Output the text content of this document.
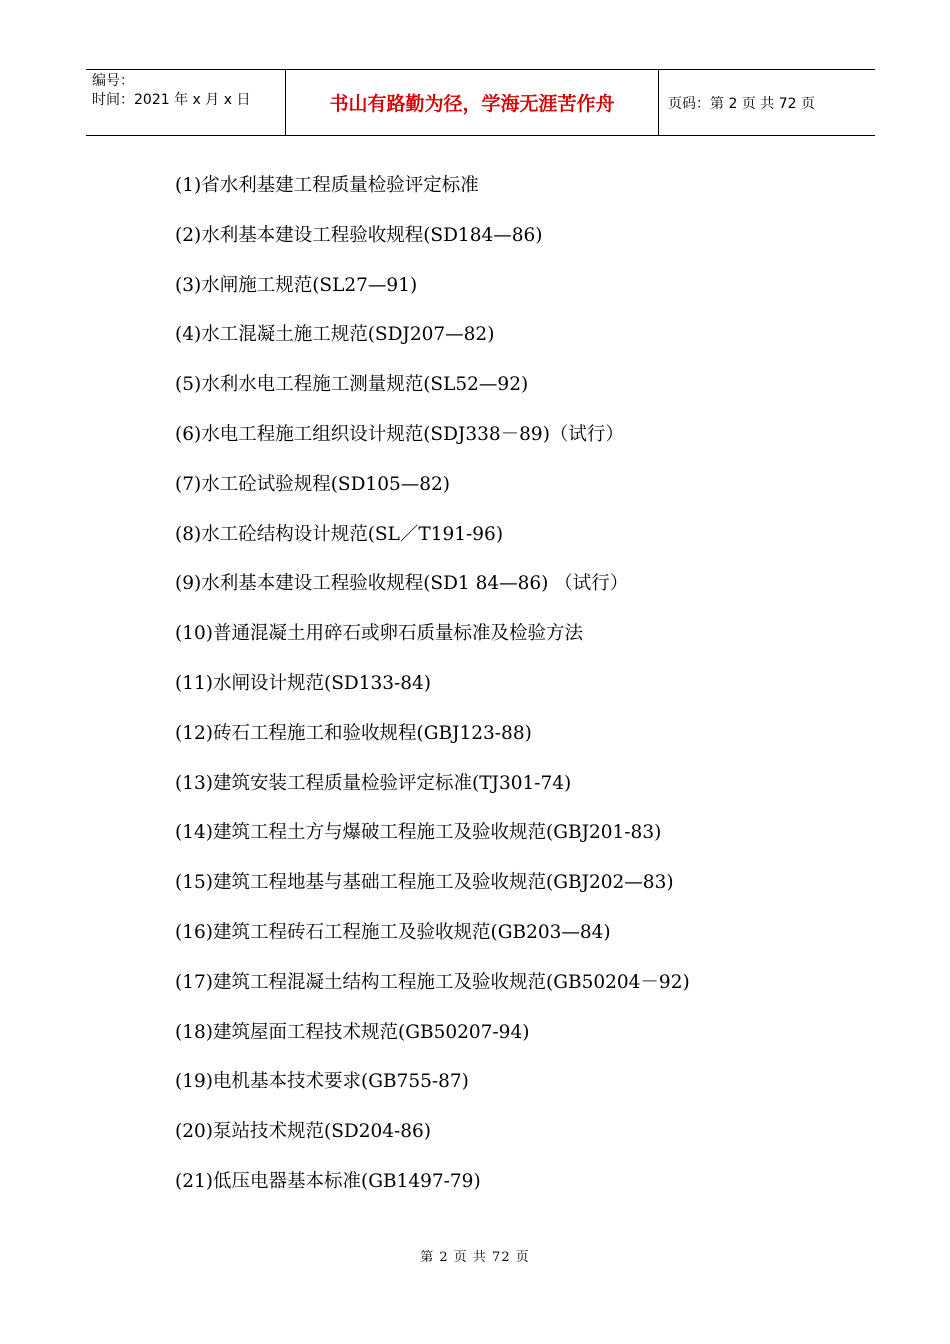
编号：
时间：2021 年 x 月 x 日	书山有路勤为径，学海无涯苦作舟	页码：第 2 页 共 72 页
(1)省水利基建工程质量检验评定标准
(2)水利基本建设工程验收规程(SD184—86)
(3)水闸施工规范(SL27—91)
(4)水工混凝土施工规范(SDJ207—82)
(5)水利水电工程施工测量规范(SL52—92)
(6)水电工程施工组织设计规范(SDJ338－89)（试行）
(7)水工砼试验规程(SD105—82)
(8)水工砼结构设计规范(SL／T191-96)
(9)水利基本建设工程验收规程(SD1 84—86) （试行）
(10)普通混凝土用碎石或卵石质量标准及检验方法
(11)水闸设计规范(SD133-84)
(12)砖石工程施工和验收规程(GBJ123-88)
(13)建筑安装工程质量检验评定标准(TJ301-74)
(14)建筑工程土方与爆破工程施工及验收规范(GBJ201-83)
(15)建筑工程地基与基础工程施工及验收规范(GBJ202—83)
(16)建筑工程砖石工程施工及验收规范(GB203—84)
(17)建筑工程混凝土结构工程施工及验收规范(GB50204－92)
(18)建筑屋面工程技术规范(GB50207-94)
(19)电机基本技术要求(GB755-87)
(20)泵站技术规范(SD204-86)
(21)低压电器基本标准(GB1497-79)
第 2 页 共 72 页
